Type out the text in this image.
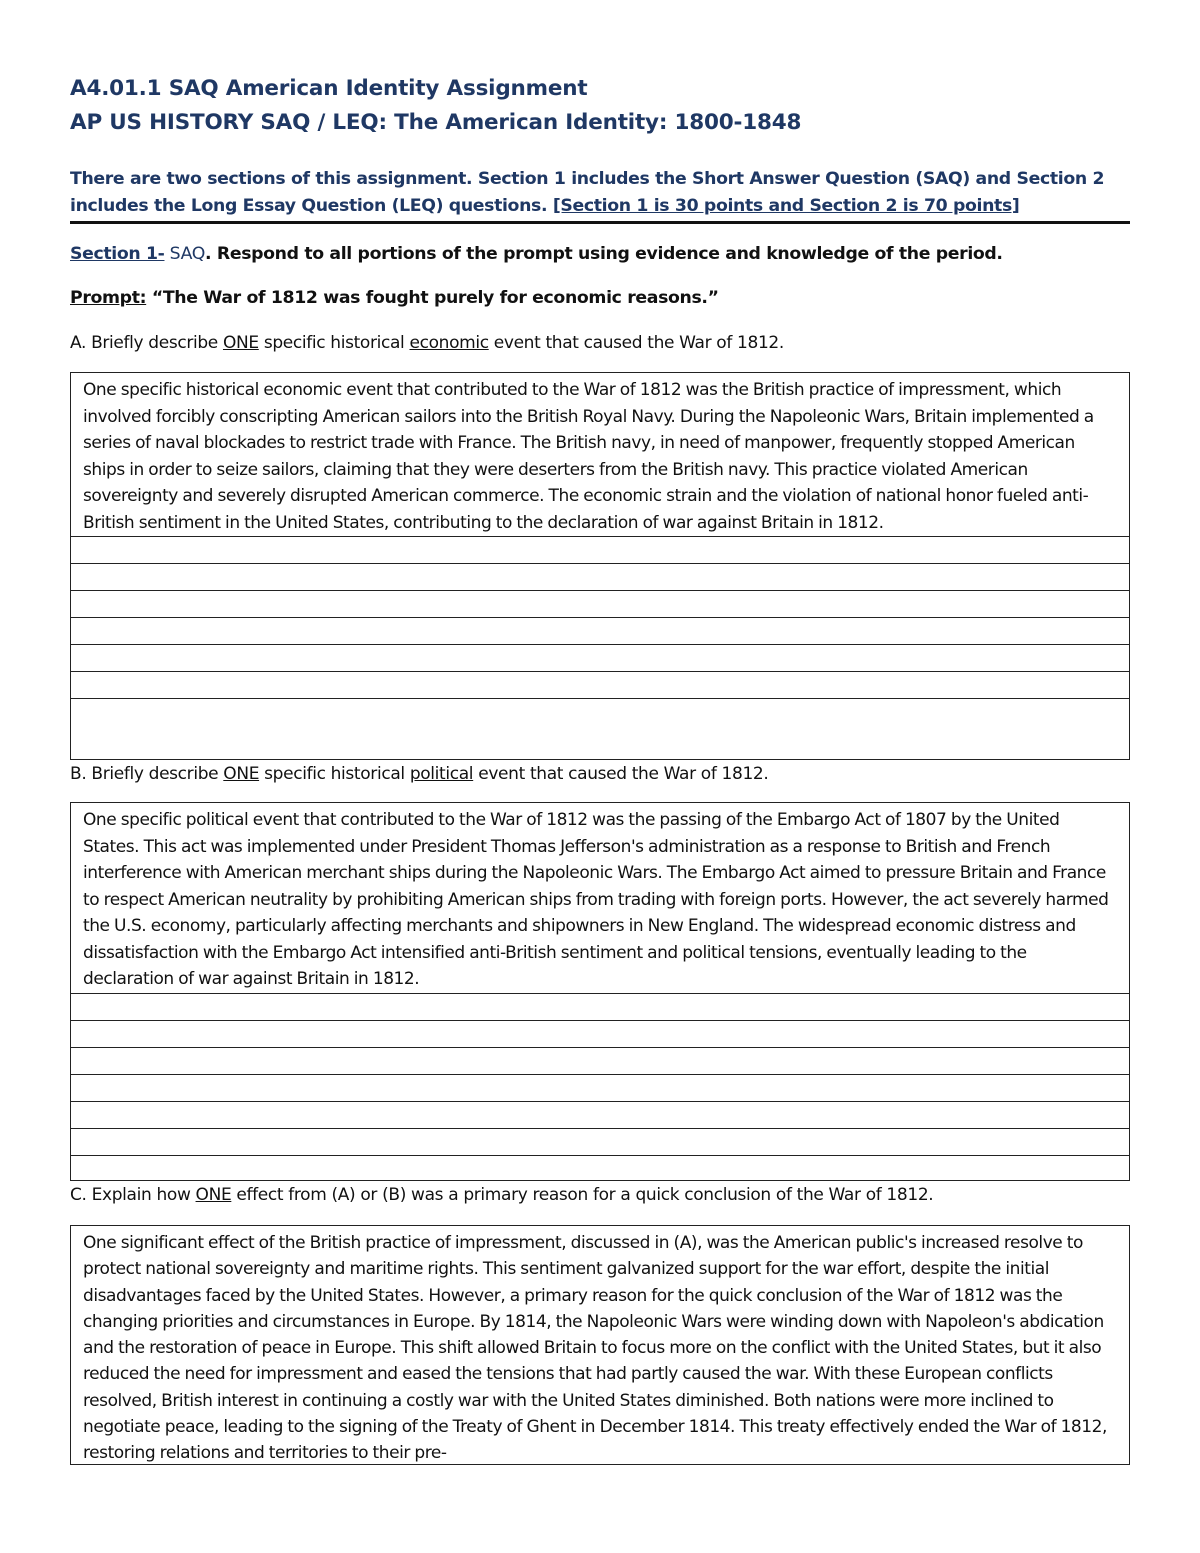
A4.01.1 SAQ American Identity Assignment
AP US HISTORY SAQ / LEQ: The American Identity: 1800-1848
There are two sections of this assignment. Section 1 includes the Short Answer Question (SAQ) and Section 2 includes the Long Essay Question (LEQ) questions. [Section 1 is 30 points and Section 2 is 70 points]
Section 1- SAQ. Respond to all portions of the prompt using evidence and knowledge of the period.
Prompt: “The War of 1812 was fought purely for economic reasons.”
A. Briefly describe ONE specific historical economic event that caused the War of 1812.
One specific historical economic event that contributed to the War of 1812 was the British practice of impressment, which involved forcibly conscripting American sailors into the British Royal Navy. During the Napoleonic Wars, Britain implemented a series of naval blockades to restrict trade with France. The British navy, in need of manpower, frequently stopped American ships in order to seize sailors, claiming that they were deserters from the British navy. This practice violated American sovereignty and severely disrupted American commerce. The economic strain and the violation of national honor fueled anti-British sentiment in the United States, contributing to the declaration of war against Britain in 1812.
B. Briefly describe ONE specific historical political event that caused the War of 1812.
One specific political event that contributed to the War of 1812 was the passing of the Embargo Act of 1807 by the United States. This act was implemented under President Thomas Jefferson's administration as a response to British and French interference with American merchant ships during the Napoleonic Wars. The Embargo Act aimed to pressure Britain and France to respect American neutrality by prohibiting American ships from trading with foreign ports. However, the act severely harmed the U.S. economy, particularly affecting merchants and shipowners in New England. The widespread economic distress and dissatisfaction with the Embargo Act intensified anti-British sentiment and political tensions, eventually leading to the declaration of war against Britain in 1812.
C. Explain how ONE effect from (A) or (B) was a primary reason for a quick conclusion of the War of 1812.
One significant effect of the British practice of impressment, discussed in (A), was the American public's increased resolve to protect national sovereignty and maritime rights. This sentiment galvanized support for the war effort, despite the initial disadvantages faced by the United States. However, a primary reason for the quick conclusion of the War of 1812 was the changing priorities and circumstances in Europe. By 1814, the Napoleonic Wars were winding down with Napoleon's abdication and the restoration of peace in Europe. This shift allowed Britain to focus more on the conflict with the United States, but it also reduced the need for impressment and eased the tensions that had partly caused the war. With these European conflicts resolved, British interest in continuing a costly war with the United States diminished. Both nations were more inclined to negotiate peace, leading to the signing of the Treaty of Ghent in December 1814. This treaty effectively ended the War of 1812, restoring relations and territories to their pre-
